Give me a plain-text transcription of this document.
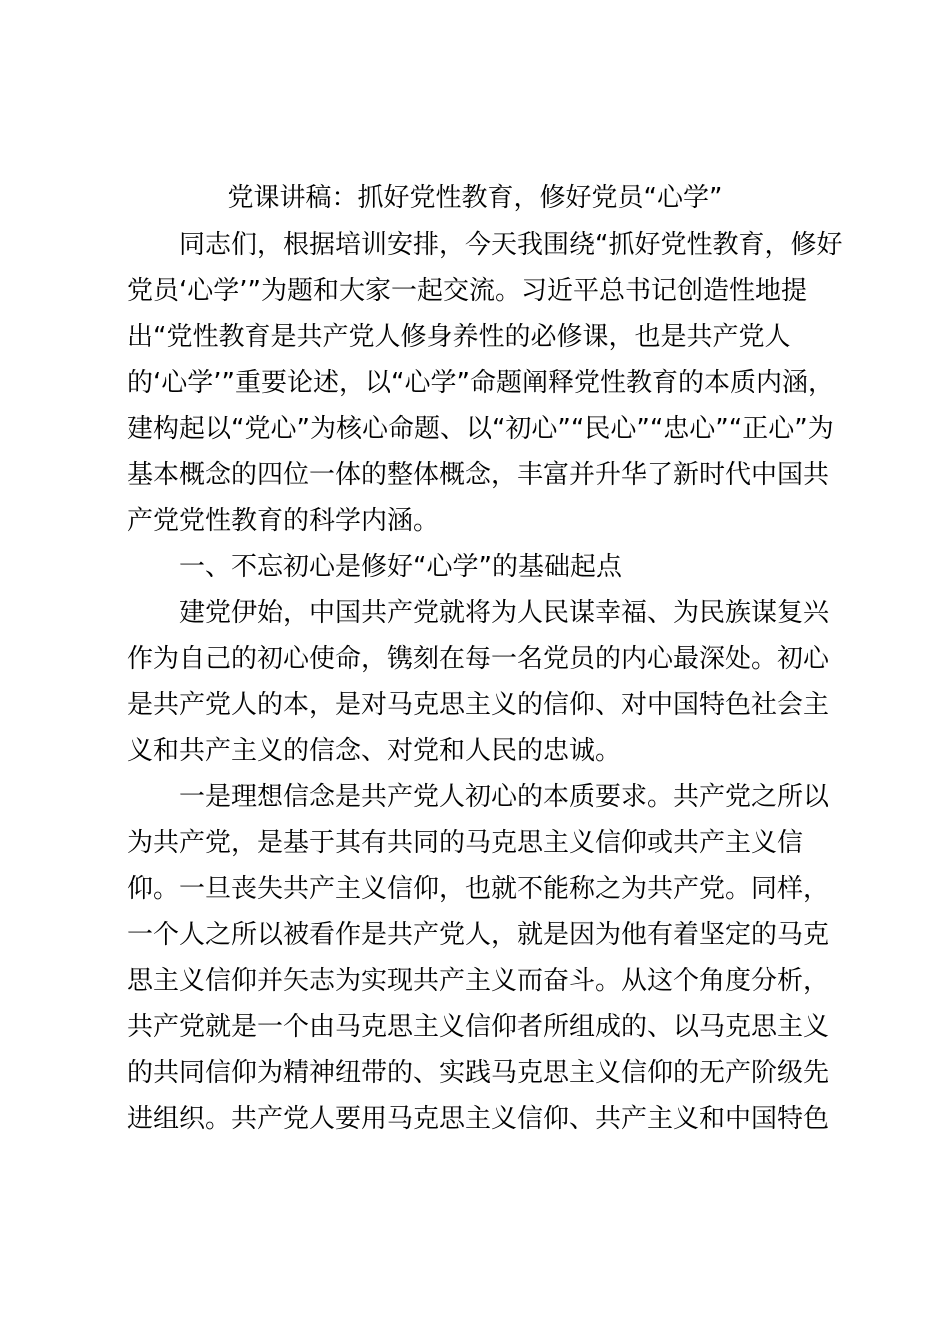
党课讲稿：抓好党性教育，修好党员“心学”
同志们，根据培训安排，今天我围绕“抓好党性教育，修好
党员‘心学’”为题和大家一起交流。习近平总书记创造性地提
出“党性教育是共产党人修身养性的必修课，也是共产党人
的‘心学’”重要论述，以“心学”命题阐释党性教育的本质内涵，
建构起以“党心”为核心命题、以“初心”“民心”“忠心”“正心”为
基本概念的四位一体的整体概念，丰富并升华了新时代中国共
产党党性教育的科学内涵。
一、不忘初心是修好“心学”的基础起点
建党伊始，中国共产党就将为人民谋幸福、为民族谋复兴
作为自己的初心使命，镌刻在每一名党员的内心最深处。初心
是共产党人的本，是对马克思主义的信仰、对中国特色社会主
义和共产主义的信念、对党和人民的忠诚。
一是理想信念是共产党人初心的本质要求。共产党之所以
为共产党，是基于其有共同的马克思主义信仰或共产主义信
仰。一旦丧失共产主义信仰，也就不能称之为共产党。同样，
一个人之所以被看作是共产党人，就是因为他有着坚定的马克
思主义信仰并矢志为实现共产主义而奋斗。从这个角度分析，
共产党就是一个由马克思主义信仰者所组成的、以马克思主义
的共同信仰为精神纽带的、实践马克思主义信仰的无产阶级先
进组织。共产党人要用马克思主义信仰、共产主义和中国特色
